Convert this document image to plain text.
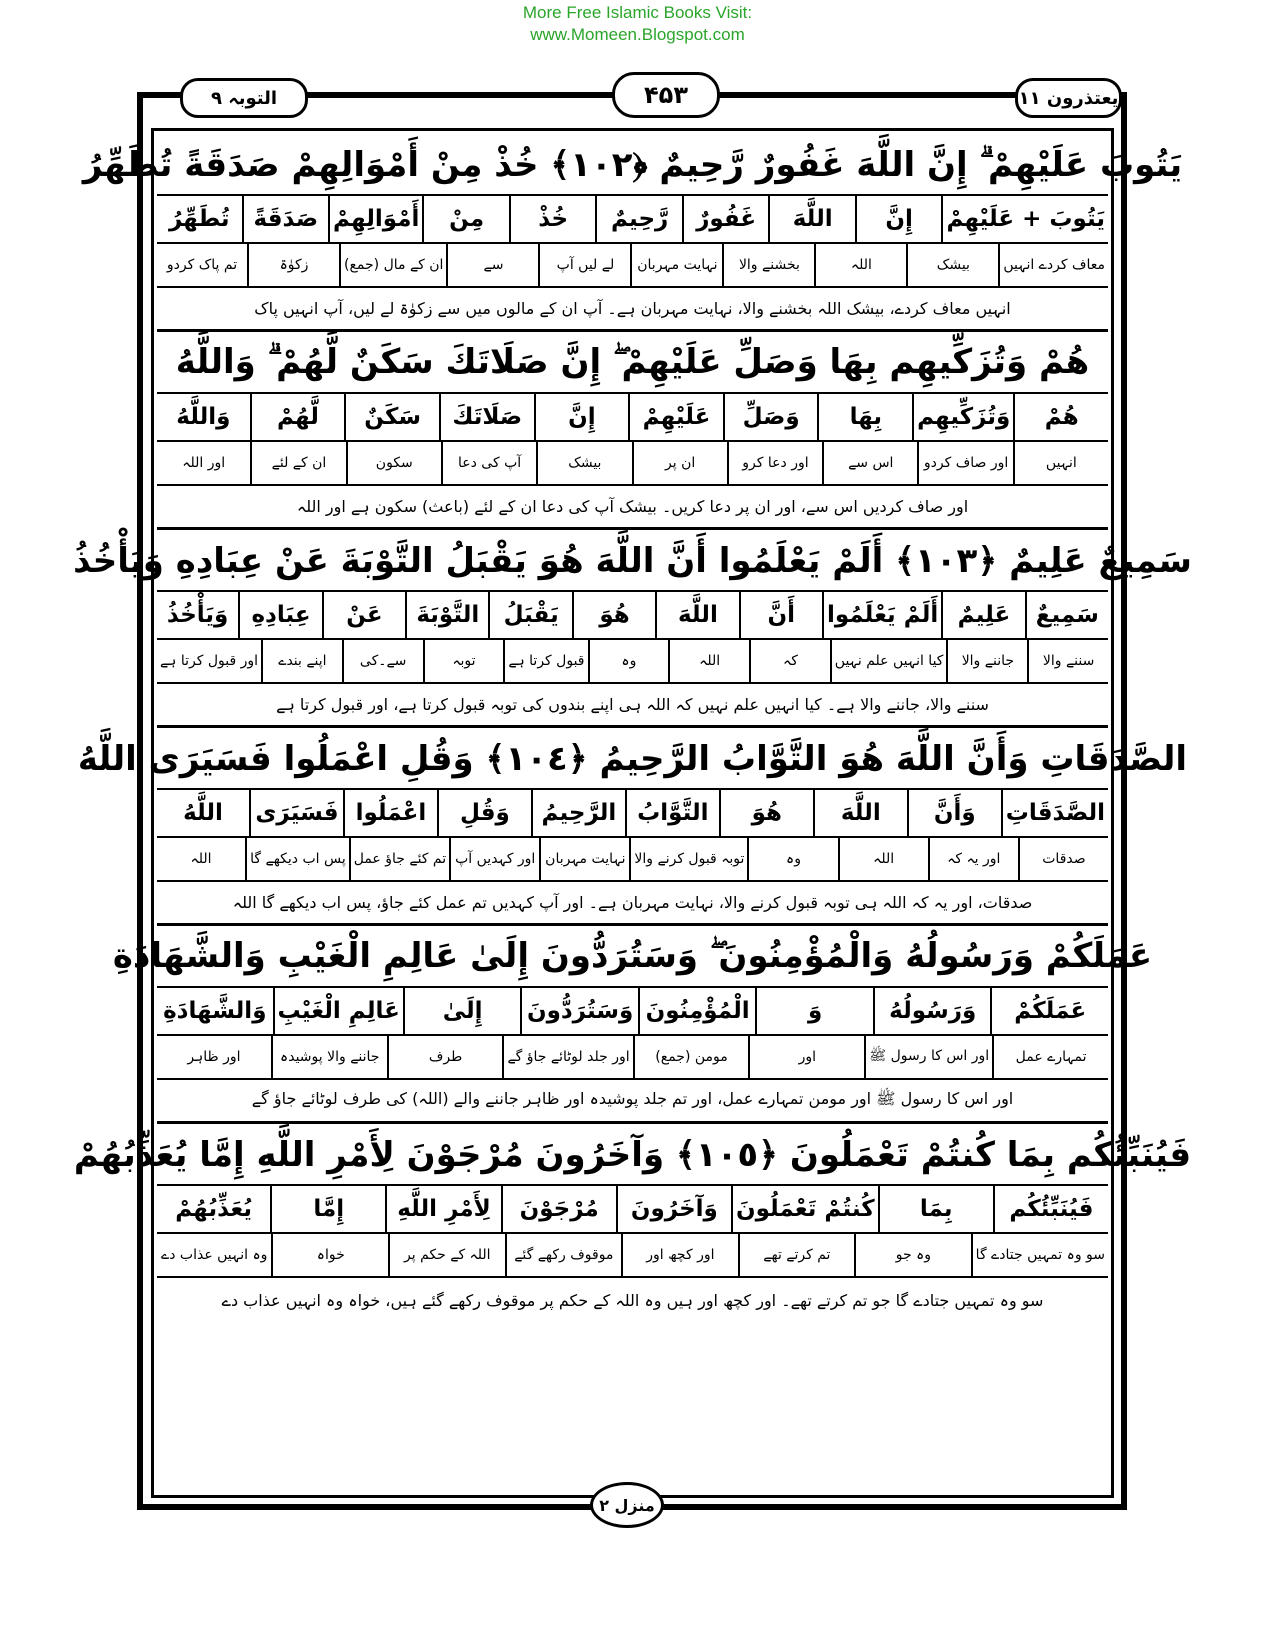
More Free Islamic Books Visit:
www.Momeen.Blogspot.com
التوبہ ۹	۴۵۳	یعتذرون ۱۱
يَتُوبَ عَلَيْهِمْ ۗ إِنَّ اللَّهَ غَفُورٌ رَّحِيمٌ ﴿١٠٢﴾ خُذْ مِنْ أَمْوَالِهِمْ صَدَقَةً تُطَهِّرُ
يَتُوبَ + عَلَيْهِمْ
إِنَّ
اللَّهَ
غَفُورٌ
رَّحِيمٌ
خُذْ
مِنْ
أَمْوَالِهِمْ
صَدَقَةً
تُطَهِّرُ
معاف کردے انہیں
بیشک
اللہ
بخشنے والا
نہایت مہربان
لے لیں آپ
سے
ان کے مال (جمع)
زکوٰۃ
تم پاک کردو
انہیں معاف کردے، بیشک اللہ بخشنے والا، نہایت مہربان ہے۔ آپ ان کے مالوں میں سے زکوٰۃ لے لیں، آپ انہیں پاک
هُمْ وَتُزَكِّيهِم بِهَا وَصَلِّ عَلَيْهِمْ ۖ إِنَّ صَلَاتَكَ سَكَنٌ لَّهُمْ ۗ وَاللَّهُ
هُمْ
وَتُزَكِّيهِم
بِهَا
وَصَلِّ
عَلَيْهِمْ
إِنَّ
صَلَاتَكَ
سَكَنٌ
لَّهُمْ
وَاللَّهُ
انہیں
اور صاف کردو
اس سے
اور دعا کرو
ان پر
بیشک
آپ کی دعا
سکون
ان کے لئے
اور اللہ
اور صاف کردیں اس سے، اور ان پر دعا کریں۔ بیشک آپ کی دعا ان کے لئے (باعث) سکون ہے اور اللہ
سَمِيعٌ عَلِيمٌ ﴿١٠٣﴾ أَلَمْ يَعْلَمُوا أَنَّ اللَّهَ هُوَ يَقْبَلُ التَّوْبَةَ عَنْ عِبَادِهِ وَيَأْخُذُ
سَمِيعٌ
عَلِيمٌ
أَلَمْ يَعْلَمُوا
أَنَّ
اللَّهَ
هُوَ
يَقْبَلُ
التَّوْبَةَ
عَنْ
عِبَادِهِ
وَيَأْخُذُ
سننے والا
جاننے والا
کیا انہیں علم نہیں
کہ
اللہ
وہ
قبول کرتا ہے
توبہ
سے۔کی
اپنے بندے
اور قبول کرتا ہے
سننے والا، جاننے والا ہے۔ کیا انہیں علم نہیں کہ اللہ ہی اپنے بندوں کی توبہ قبول کرتا ہے، اور قبول کرتا ہے
الصَّدَقَاتِ وَأَنَّ اللَّهَ هُوَ التَّوَّابُ الرَّحِيمُ ﴿١٠٤﴾ وَقُلِ اعْمَلُوا فَسَيَرَى اللَّهُ
الصَّدَقَاتِ
وَأَنَّ
اللَّهَ
هُوَ
التَّوَّابُ
الرَّحِيمُ
وَقُلِ
اعْمَلُوا
فَسَيَرَى
اللَّهُ
صدقات
اور یہ کہ
اللہ
وہ
توبہ قبول کرنے والا
نہایت مہربان
اور کہدیں آپ
تم کئے جاؤ عمل
پس اب دیکھے گا
اللہ
صدقات، اور یہ کہ اللہ ہی توبہ قبول کرنے والا، نہایت مہربان ہے۔ اور آپ کہدیں تم عمل کئے جاؤ، پس اب دیکھے گا اللہ
عَمَلَكُمْ وَرَسُولُهُ وَالْمُؤْمِنُونَ ۖ وَسَتُرَدُّونَ إِلَىٰ عَالِمِ الْغَيْبِ وَالشَّهَادَةِ
عَمَلَكُمْ
وَرَسُولُهُ
وَ
الْمُؤْمِنُونَ
وَسَتُرَدُّونَ
إِلَىٰ
عَالِمِ الْغَيْبِ
وَالشَّهَادَةِ
تمہارے عمل
اور اس کا رسول ﷺ
اور
مومن (جمع)
اور جلد لوٹائے جاؤ گے
طرف
جاننے والا پوشیدہ
اور ظاہر
اور اس کا رسول ﷺ اور مومن تمہارے عمل، اور تم جلد پوشیدہ اور ظاہر جاننے والے (اللہ) کی طرف لوٹائے جاؤ گے
فَيُنَبِّئُكُم بِمَا كُنتُمْ تَعْمَلُونَ ﴿١٠٥﴾ وَآخَرُونَ مُرْجَوْنَ لِأَمْرِ اللَّهِ إِمَّا يُعَذِّبُهُمْ
فَيُنَبِّئُكُم
بِمَا
كُنتُمْ تَعْمَلُونَ
وَآخَرُونَ
مُرْجَوْنَ
لِأَمْرِ اللَّهِ
إِمَّا
يُعَذِّبُهُمْ
سو وہ تمہیں جتادے گا
وہ جو
تم کرتے تھے
اور کچھ اور
موقوف رکھے گئے
اللہ کے حکم پر
خواہ
وہ انہیں عذاب دے
سو وہ تمہیں جتادے گا جو تم کرتے تھے۔ اور کچھ اور ہیں وہ اللہ کے حکم پر موقوف رکھے گئے ہیں، خواہ وہ انہیں عذاب دے
منزل ۲
